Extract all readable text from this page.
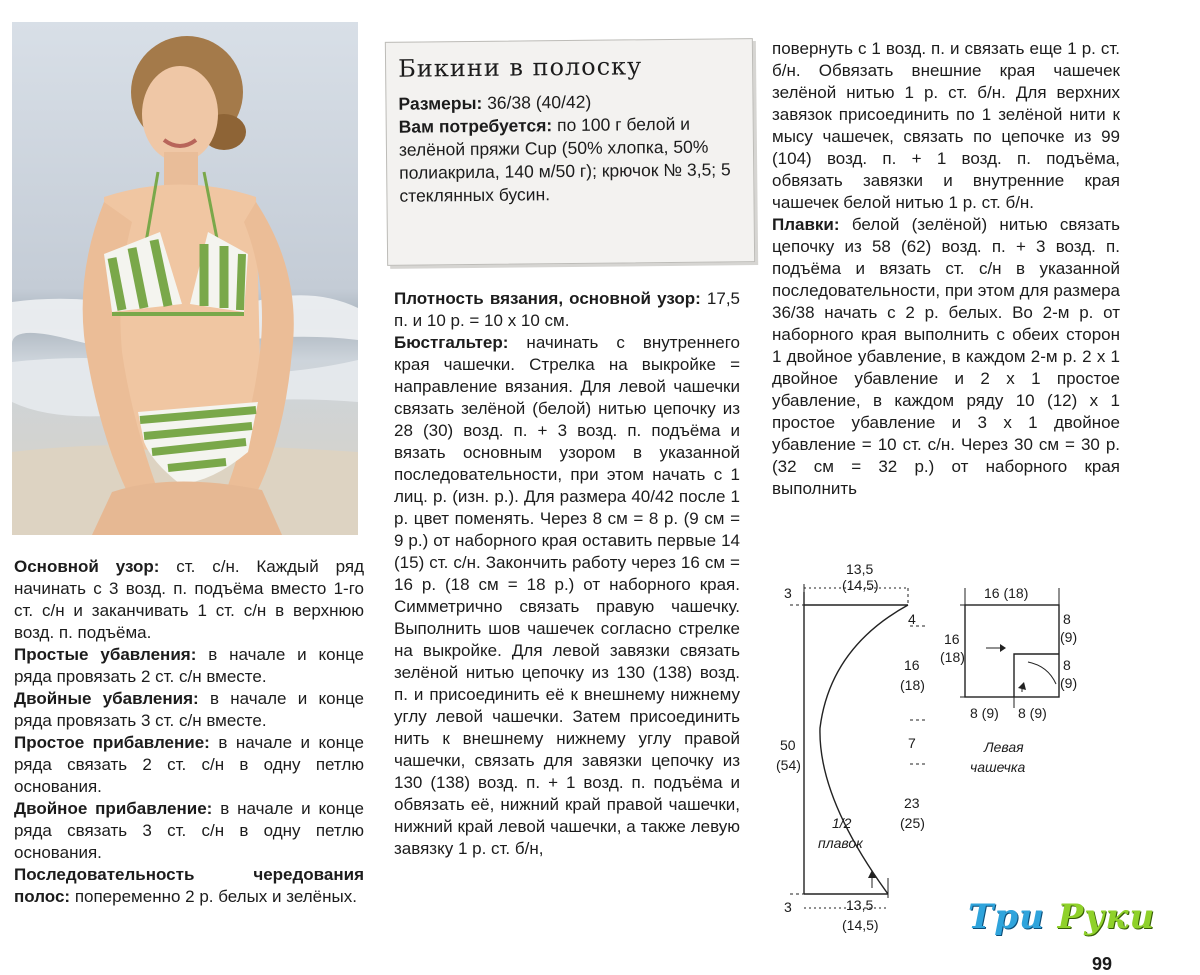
Бикини в полоску
Размеры: 36/38 (40/42)
Вам потребуется: по 100 г белой и зелёной пряжи Cup (50% хлопка, 50% полиакрила, 140 м/50 г); крючок № 3,5; 5 стеклянных бусин.

Основной узор: ст. с/н. Каждый ряд начинать с 3 возд. п. подъёма вместо 1-го ст. с/н и заканчивать 1 ст. с/н в верхнюю возд. п. подъёма.

Простые убавления: в начале и конце ряда провязать 2 ст. с/н вместе.

Двойные убавления: в начале и конце ряда провязать 3 ст. с/н вместе.

Простое прибавление: в начале и конце ряда связать 2 ст. с/н в одну петлю основания.

Двойное прибавление: в начале и конце ряда связать 3 ст. с/н в одну петлю основания.

Последовательность чередования полос: попеременно 2 р. белых и зелёных.

Плотность вязания, основной узор: 17,5 п. и 10 р. = 10 х 10 см.

Бюстгальтер: начинать с внутреннего края чашечки. Стрелка на выкройке = направление вязания. Для левой чашечки связать зелёной (белой) нитью цепочку из 28 (30) возд. п. + 3 возд. п. подъёма и вязать основным узором в указанной последовательности, при этом начать с 1 лиц. р. (изн. р.). Для размера 40/42 после 1 р. цвет поменять. Через 8 см = 8 р. (9 см = 9 р.) от наборного края оставить первые 14 (15) ст. с/н. Закончить работу через 16 см = 16 р. (18 см = 18 р.) от наборного края. Симметрично связать правую чашечку. Выполнить шов чашечек согласно стрелке на выкройке. Для левой завязки связать зелёной нитью цепочку из 130 (138) возд. п. и присоединить её к внешнему нижнему углу левой чашечки. Затем присоединить нить к внешнему нижнему углу правой чашечки, связать для завязки цепочку из 130 (138) возд. п. + 1 возд. п. подъёма и обвязать её, нижний край правой чашечки, нижний край левой чашечки, а также левую завязку 1 р. ст. б/н,

повернуть с 1 возд. п. и связать еще 1 р. ст. б/н. Обвязать внешние края чашечек зелёной нитью 1 р. ст. б/н. Для верхних завязок присоединить по 1 зелёной нити к мысу чашечек, связать по цепочке из 99 (104) возд. п. + 1 возд. п. подъёма, обвязать завязки и внутренние края чашечек белой нитью 1 р. ст. б/н.

Плавки: белой (зелёной) нитью связать цепочку из 58 (62) возд. п. + 3 возд. п. подъёма и вязать ст. с/н в указанной последовательности, при этом для размера 36/38 начать с 2 р. белых. Во 2-м р. от наборного края выполнить с обеих сторон 1 двойное убавление, в каждом 2-м р. 2 х 1 двойное убавление и 2 х 1 простое убавление, в каждом ряду 10 (12) х 1 простое убавление и 3 х 1 двойное убавление = 10 ст. с/н. Через 30 см = 30 р. (32 см = 32 р.) от наборного края выполнить

3
13,5
(14,5)
4
16
(18)
7
23
(25)
50
(54)
1/2
плавок
3	13,5
(14,5)
16 (18)
8
(9)
8
(9)
16
(18)
8 (9) 8 (9)
Левая
чашечка
Три Руки
99
